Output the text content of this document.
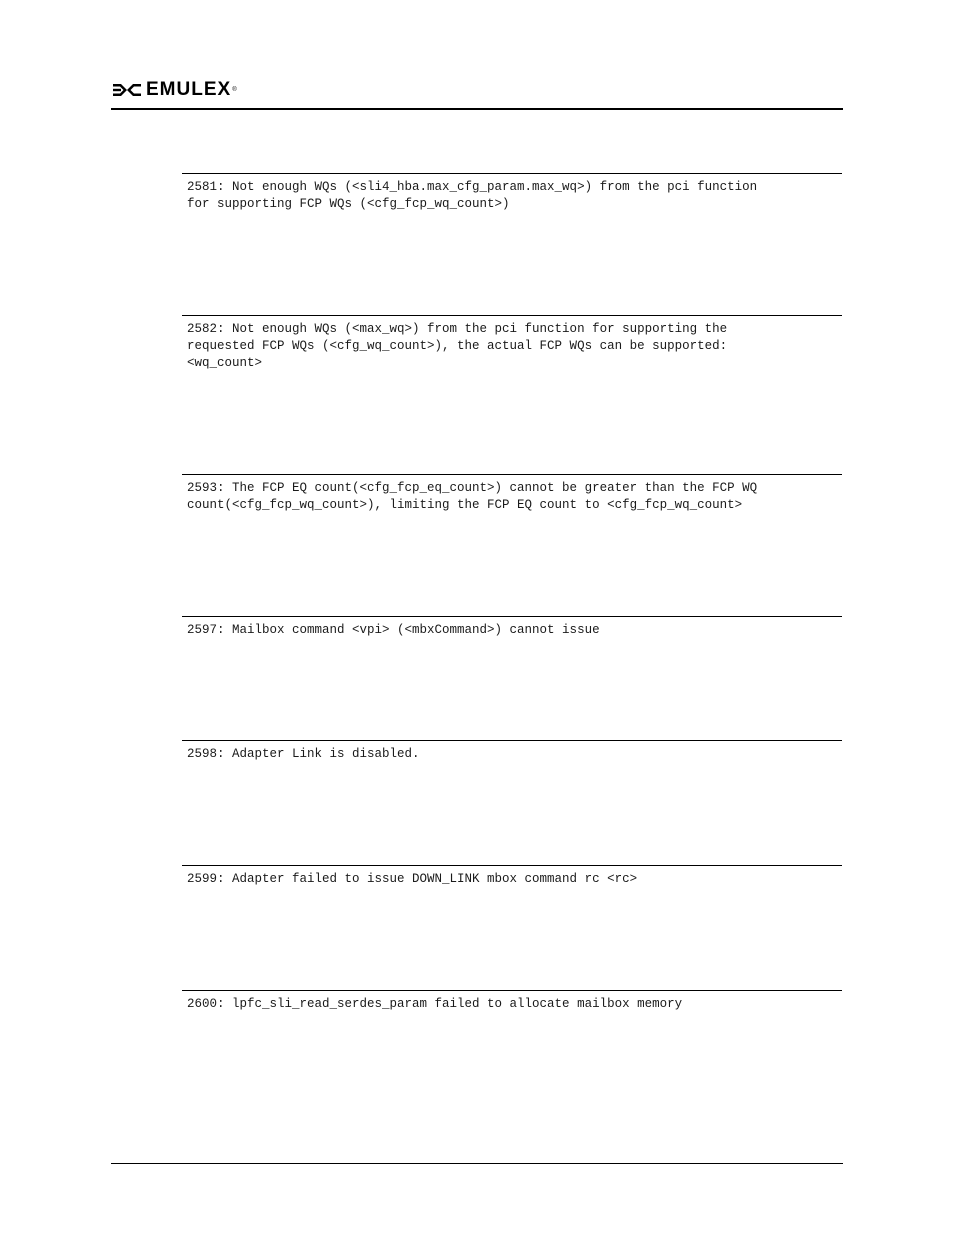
EMULEX ®
2581: Not enough WQs (<sli4_hba.max_cfg_param.max_wq>) from the pci function
for supporting FCP WQs (<cfg_fcp_wq_count>)
2582: Not enough WQs (<max_wq>) from the pci function for supporting the
requested FCP WQs (<cfg_wq_count>), the actual FCP WQs can be supported:
<wq_count>
2593: The FCP EQ count(<cfg_fcp_eq_count>) cannot be greater than the FCP WQ
count(<cfg_fcp_wq_count>), limiting the FCP EQ count to <cfg_fcp_wq_count>
2597: Mailbox command <vpi> (<mbxCommand>) cannot issue
2598: Adapter Link is disabled.
2599: Adapter failed to issue DOWN_LINK mbox command rc <rc>
2600: lpfc_sli_read_serdes_param failed to allocate mailbox memory
